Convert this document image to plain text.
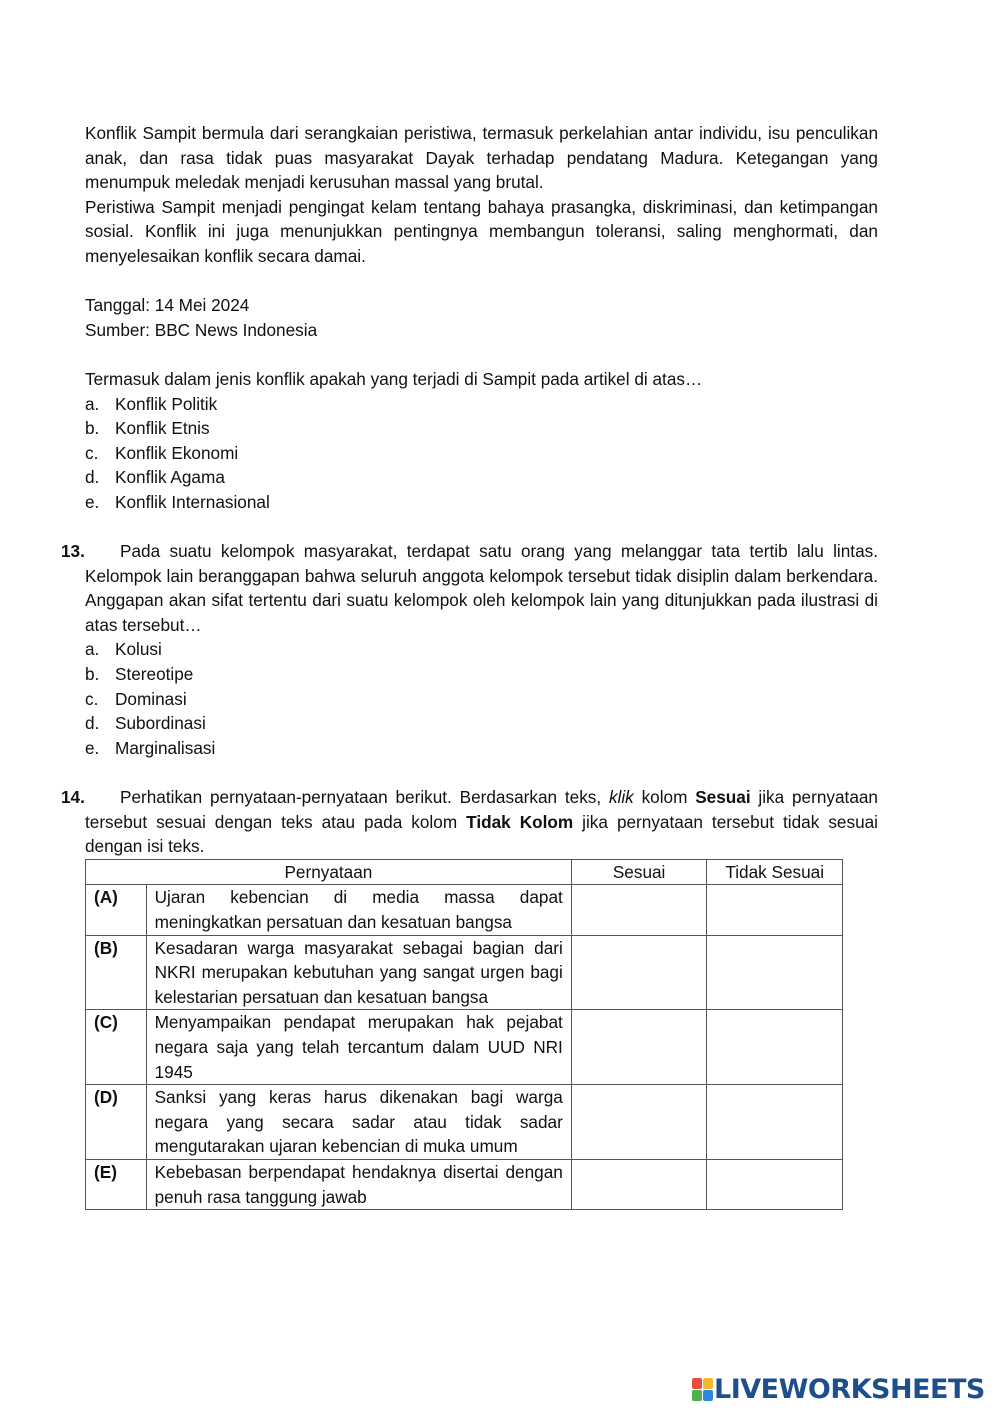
Konflik Sampit bermula dari serangkaian peristiwa, termasuk perkelahian antar individu, isu penculikan anak, dan rasa tidak puas masyarakat Dayak terhadap pendatang Madura. Ketegangan yang menumpuk meledak menjadi kerusuhan massal yang brutal.

Peristiwa Sampit menjadi pengingat kelam tentang bahaya prasangka, diskriminasi, dan ketimpangan sosial. Konflik ini juga menunjukkan pentingnya membangun toleransi, saling menghormati, dan menyelesaikan konflik secara damai.

Tanggal: 14 Mei 2024

Sumber: BBC News Indonesia

Termasuk dalam jenis konflik apakah yang terjadi di Sampit pada artikel di atas…

a. Konflik Politik
b. Konflik Etnis
c. Konflik Ekonomi
d. Konflik Agama
e. Konflik Internasional
13.	Pada suatu kelompok masyarakat, terdapat satu orang yang melanggar tata tertib lalu lintas. Kelompok lain beranggapan bahwa seluruh anggota kelompok tersebut tidak disiplin dalam berkendara. Anggapan akan sifat tertentu dari suatu kelompok oleh kelompok lain yang ditunjukkan pada ilustrasi di atas tersebut…

a. Kolusi
b. Stereotipe
c. Dominasi
d. Subordinasi
e. Marginalisasi
14.	Perhatikan pernyataan-pernyataan berikut. Berdasarkan teks, klik kolom Sesuai jika pernyataan tersebut sesuai dengan teks atau pada kolom Tidak Kolom jika pernyataan tersebut tidak sesuai dengan isi teks.

Pernyataan		Sesuai	Tidak Sesuai
(A)	Ujaran kebencian di media massa dapat meningkatkan persatuan dan kesatuan bangsa		
(B)	Kesadaran warga masyarakat sebagai bagian dari NKRI merupakan kebutuhan yang sangat urgen bagi kelestarian persatuan dan kesatuan bangsa		
(C)	Menyampaikan pendapat merupakan hak pejabat negara saja yang telah tercantum dalam UUD NRI 1945		
(D)	Sanksi yang keras harus dikenakan bagi warga negara yang secara sadar atau tidak sadar mengutarakan ujaran kebencian di muka umum		
(E)	Kebebasan berpendapat hendaknya disertai dengan penuh rasa tanggung jawab		
LIVEWORKSHEETS
